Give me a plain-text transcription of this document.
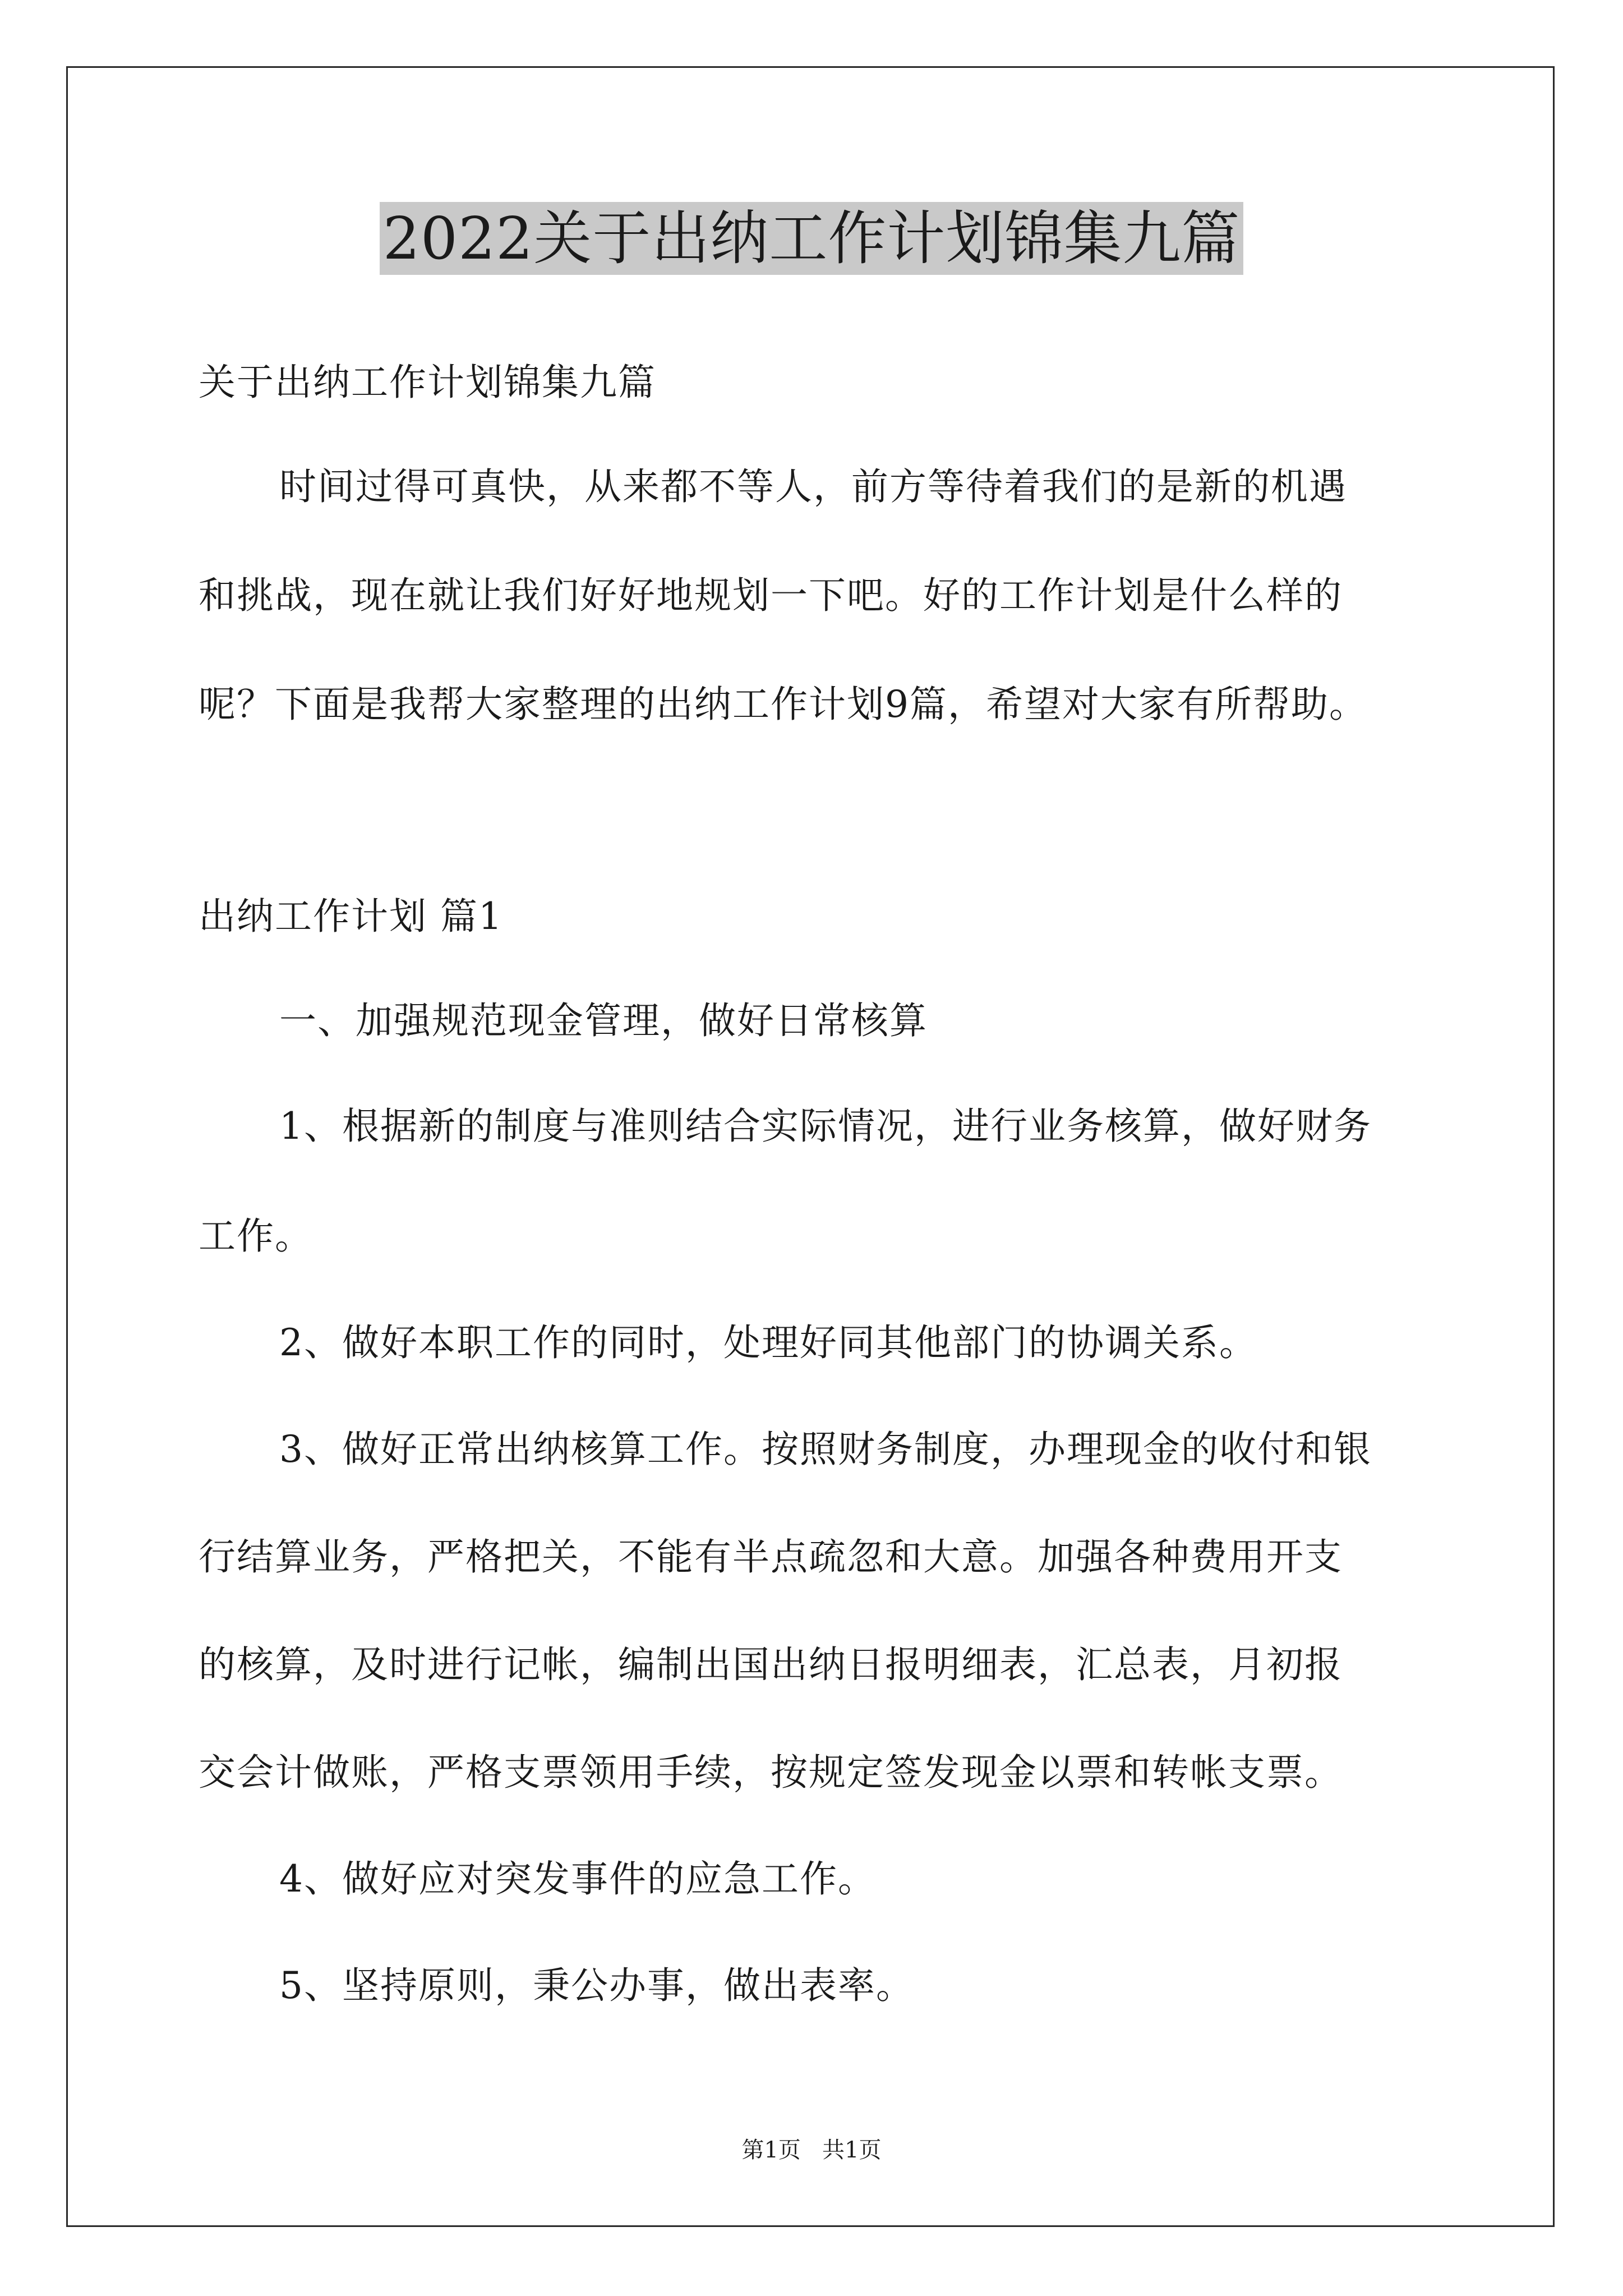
2022关于出纳工作计划锦集九篇
关于出纳工作计划锦集九篇
时间过得可真快，从来都不等人，前方等待着我们的是新的机遇
和挑战，现在就让我们好好地规划一下吧。好的工作计划是什么样的
呢？下面是我帮大家整理的出纳工作计划9篇，希望对大家有所帮助。
出纳工作计划 篇1
一、加强规范现金管理，做好日常核算
1、根据新的制度与准则结合实际情况，进行业务核算，做好财务
工作。
2、做好本职工作的同时，处理好同其他部门的协调关系。
3、做好正常出纳核算工作。按照财务制度，办理现金的收付和银
行结算业务，严格把关，不能有半点疏忽和大意。加强各种费用开支
的核算，及时进行记帐，编制出国出纳日报明细表，汇总表，月初报
交会计做账，严格支票领用手续，按规定签发现金以票和转帐支票。
4、做好应对突发事件的应急工作。
5、坚持原则，秉公办事，做出表率。
第1页   共1页
